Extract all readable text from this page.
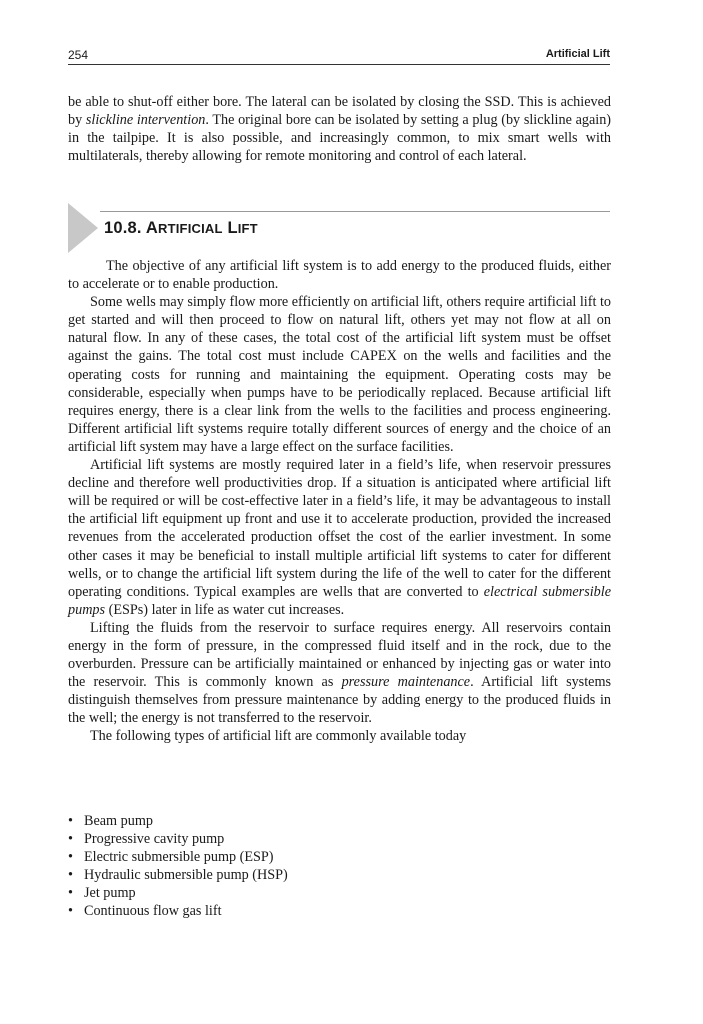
254	Artificial Lift

be able to shut-off either bore. The lateral can be isolated by closing the SSD. This is achieved by slickline intervention. The original bore can be isolated by setting a plug (by slickline again) in the tailpipe. It is also possible, and increasingly common, to mix smart wells with multilaterals, thereby allowing for remote monitoring and control of each lateral.

10.8. ARTIFICIAL LIFT

The objective of any artificial lift system is to add energy to the produced fluids, either to accelerate or to enable production.

Some wells may simply flow more efficiently on artificial lift, others require artificial lift to get started and will then proceed to flow on natural lift, others yet may not flow at all on natural flow. In any of these cases, the total cost of the artificial lift system must be offset against the gains. The total cost must include CAPEX on the wells and facilities and the operating costs for running and maintaining the equipment. Operating costs may be considerable, especially when pumps have to be periodically replaced. Because artificial lift requires energy, there is a clear link from the wells to the facilities and process engineering. Different artificial lift systems require totally different sources of energy and the choice of an artificial lift system may have a large effect on the surface facilities.

Artificial lift systems are mostly required later in a field’s life, when reservoir pressures decline and therefore well productivities drop. If a situation is anticipated where artificial lift will be required or will be cost-effective later in a field’s life, it may be advantageous to install the artificial lift equipment up front and use it to accelerate production, provided the increased revenues from the accelerated production offset the cost of the earlier investment. In some other cases it may be beneficial to install multiple artificial lift systems to cater for different wells, or to change the artificial lift system during the life of the well to cater for the different operating conditions. Typical examples are wells that are converted to electrical submersible pumps (ESPs) later in life as water cut increases.

Lifting the fluids from the reservoir to surface requires energy. All reservoirs contain energy in the form of pressure, in the compressed fluid itself and in the rock, due to the overburden. Pressure can be artificially maintained or enhanced by injecting gas or water into the reservoir. This is commonly known as pressure maintenance. Artificial lift systems distinguish themselves from pressure maintenance by adding energy to the produced fluids in the well; the energy is not transferred to the reservoir.

The following types of artificial lift are commonly available today

• Beam pump
• Progressive cavity pump
• Electric submersible pump (ESP)
• Hydraulic submersible pump (HSP)
• Jet pump
• Continuous flow gas lift
